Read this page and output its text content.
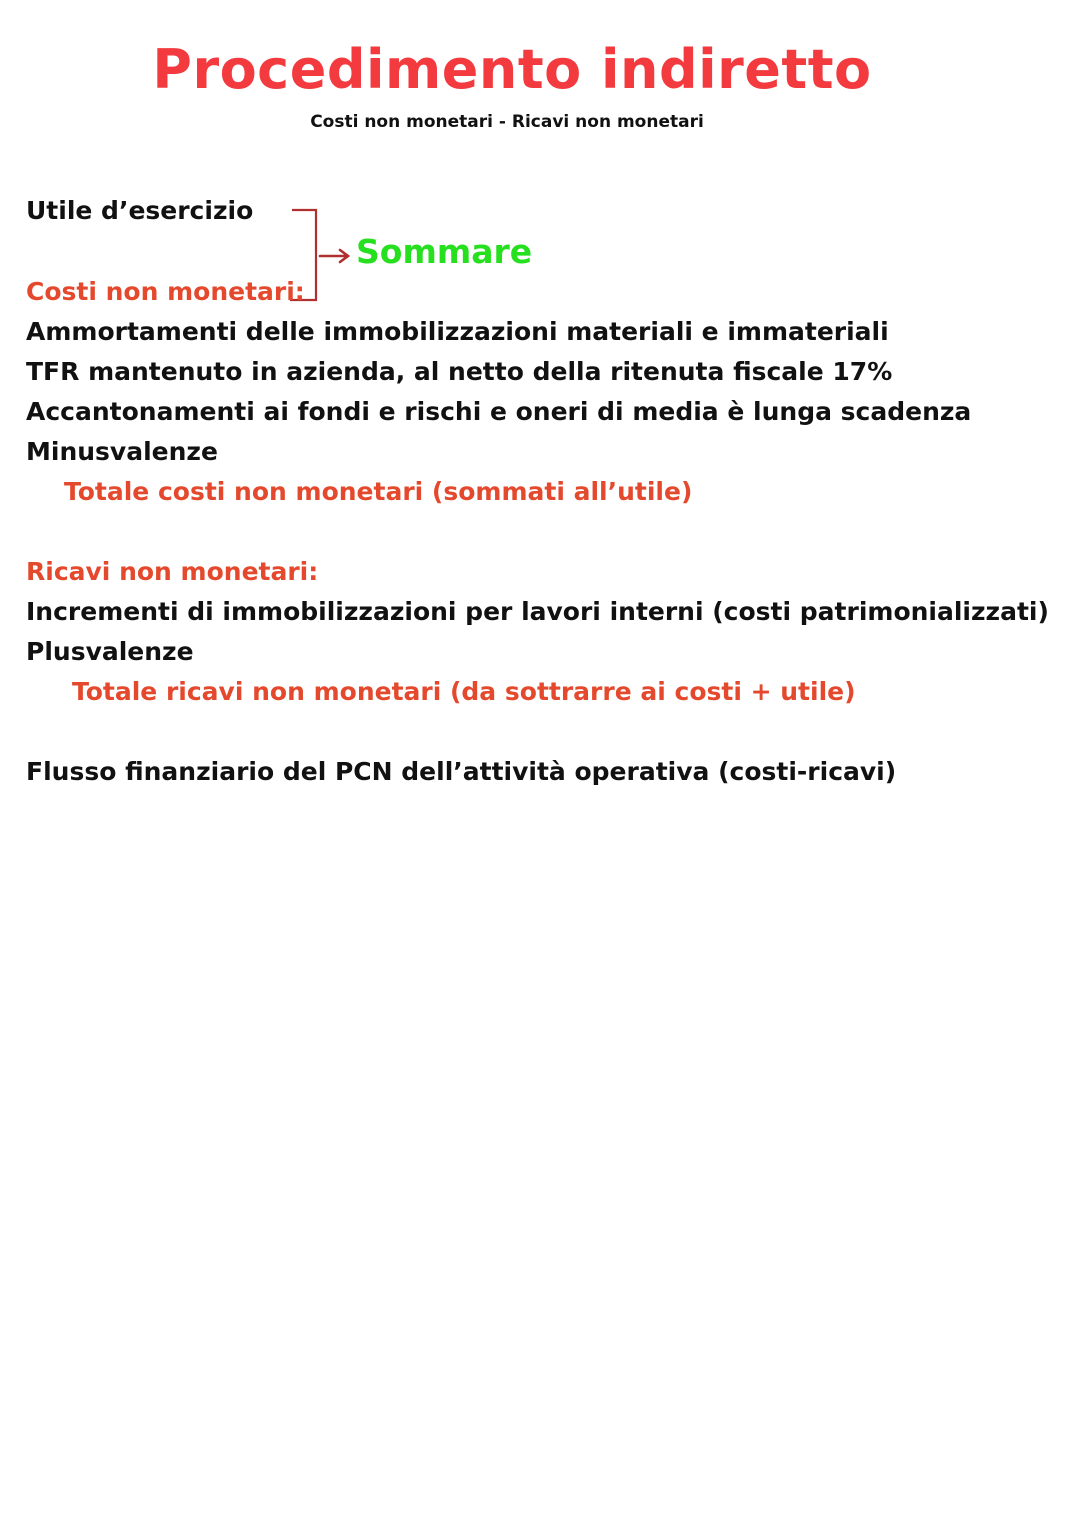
Procedimento indiretto
Costi non monetari - Ricavi non monetari
Utile d’esercizio
Sommare
Costi non monetari:
Ammortamenti delle immobilizzazioni materiali e immateriali
TFR mantenuto in azienda, al netto della ritenuta fiscale 17%
Accantonamenti ai fondi e rischi e oneri di media è lunga scadenza
Minusvalenze
Totale costi non monetari (sommati all’utile)
Ricavi non monetari:
Incrementi di immobilizzazioni per lavori interni (costi patrimonializzati)
Plusvalenze
Totale ricavi non monetari (da sottrarre ai costi + utile)
Flusso finanziario del PCN dell’attività operativa (costi-ricavi)
